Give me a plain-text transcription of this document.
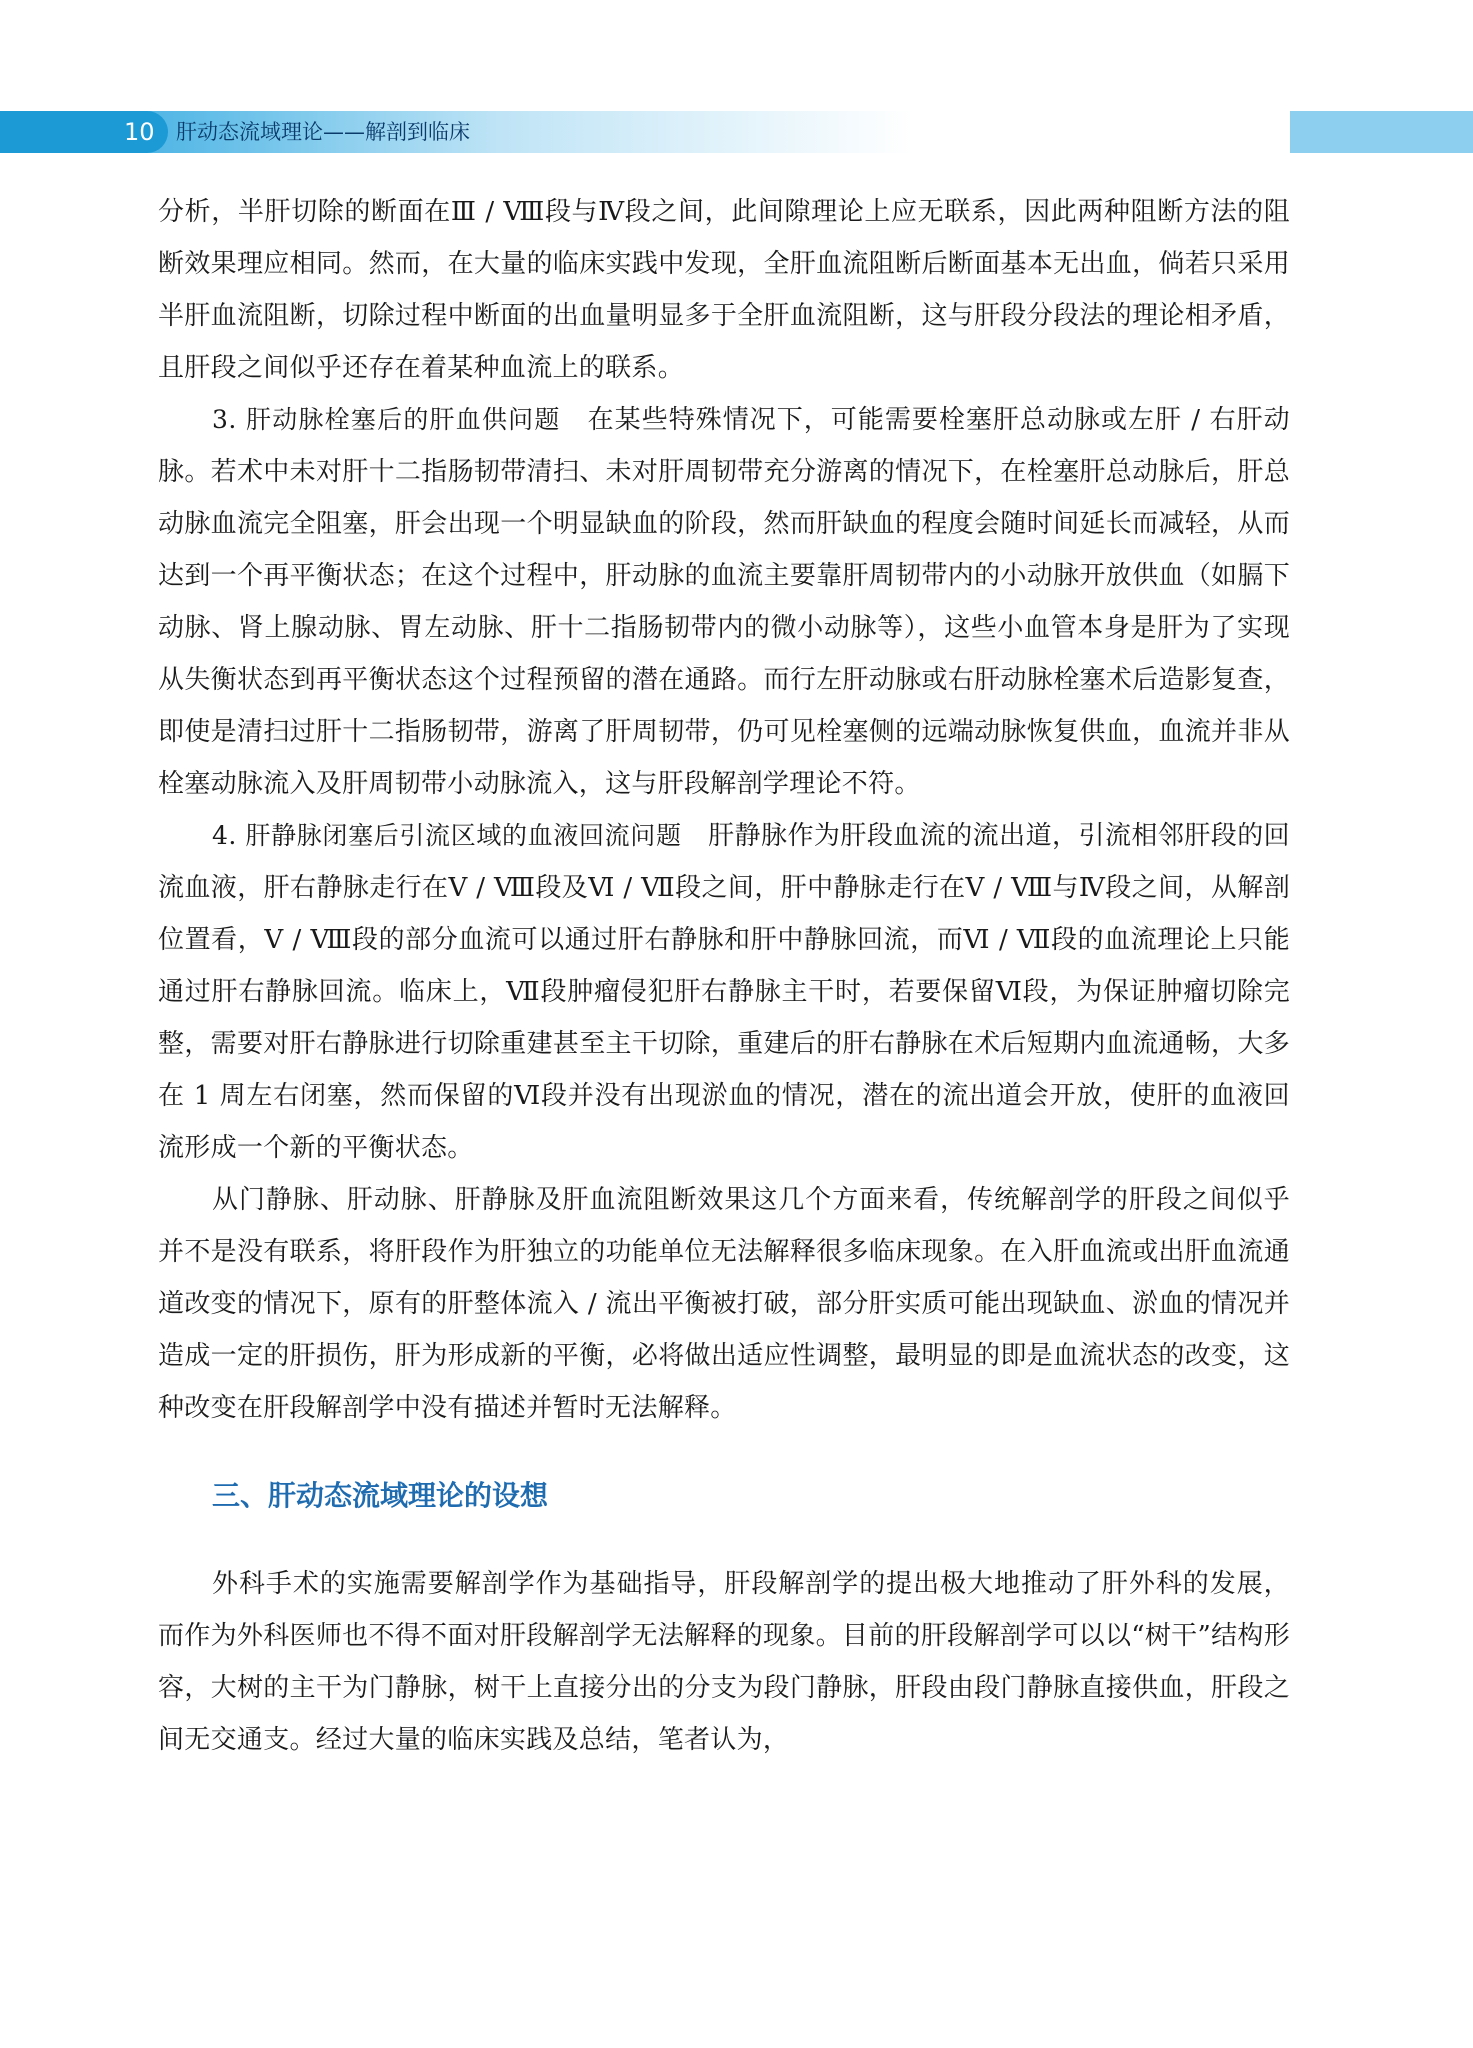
10 肝动态流域理论——解剖到临床

分析，半肝切除的断面在Ⅲ / Ⅷ段与Ⅳ段之间，此间隙理论上应无联系，因此两种阻断方法的阻断效果理应相同。然而，在大量的临床实践中发现，全肝血流阻断后断面基本无出血，倘若只采用半肝血流阻断，切除过程中断面的出血量明显多于全肝血流阻断，这与肝段分段法的理论相矛盾，且肝段之间似乎还存在着某种血流上的联系。

3. 肝动脉栓塞后的肝血供问题　 在某些特殊情况下，可能需要栓塞肝总动脉或左肝 / 右肝动脉。若术中未对肝十二指肠韧带清扫、未对肝周韧带充分游离的情况下，在栓塞肝总动脉后，肝总动脉血流完全阻塞，肝会出现一个明显缺血的阶段，然而肝缺血的程度会随时间延长而减轻，从而达到一个再平衡状态；在这个过程中，肝动脉的血流主要靠肝周韧带内的小动脉开放供血（如膈下动脉、肾上腺动脉、胃左动脉、肝十二指肠韧带内的微小动脉等），这些小血管本身是肝为了实现从失衡状态到再平衡状态这个过程预留的潜在通路。而行左肝动脉或右肝动脉栓塞术后造影复查，即使是清扫过肝十二指肠韧带，游离了肝周韧带，仍可见栓塞侧的远端动脉恢复供血，血流并非从栓塞动脉流入及肝周韧带小动脉流入，这与肝段解剖学理论不符。

4. 肝静脉闭塞后引流区域的血液回流问题　 肝静脉作为肝段血流的流出道，引流相邻肝段的回流血液，肝右静脉走行在Ⅴ / Ⅷ段及Ⅵ / Ⅶ段之间，肝中静脉走行在Ⅴ / Ⅷ与Ⅳ段之间，从解剖位置看，Ⅴ / Ⅷ段的部分血流可以通过肝右静脉和肝中静脉回流，而Ⅵ / Ⅶ段的血流理论上只能通过肝右静脉回流。临床上，Ⅶ段肿瘤侵犯肝右静脉主干时，若要保留Ⅵ段，为保证肿瘤切除完整，需要对肝右静脉进行切除重建甚至主干切除，重建后的肝右静脉在术后短期内血流通畅，大多在 1 周左右闭塞，然而保留的Ⅵ段并没有出现淤血的情况，潜在的流出道会开放，使肝的血液回流形成一个新的平衡状态。

从门静脉、肝动脉、肝静脉及肝血流阻断效果这几个方面来看，传统解剖学的肝段之间似乎并不是没有联系，将肝段作为肝独立的功能单位无法解释很多临床现象。在入肝血流或出肝血流通道改变的情况下，原有的肝整体流入 / 流出平衡被打破，部分肝实质可能出现缺血、淤血的情况并造成一定的肝损伤，肝为形成新的平衡，必将做出适应性调整，最明显的即是血流状态的改变，这种改变在肝段解剖学中没有描述并暂时无法解释。

三、肝动态流域理论的设想

外科手术的实施需要解剖学作为基础指导，肝段解剖学的提出极大地推动了肝外科的发展，而作为外科医师也不得不面对肝段解剖学无法解释的现象。目前的肝段解剖学可以以“树干”结构形容，大树的主干为门静脉，树干上直接分出的分支为段门静脉，肝段由段门静脉直接供血，肝段之间无交通支。经过大量的临床实践及总结，笔者认为，
